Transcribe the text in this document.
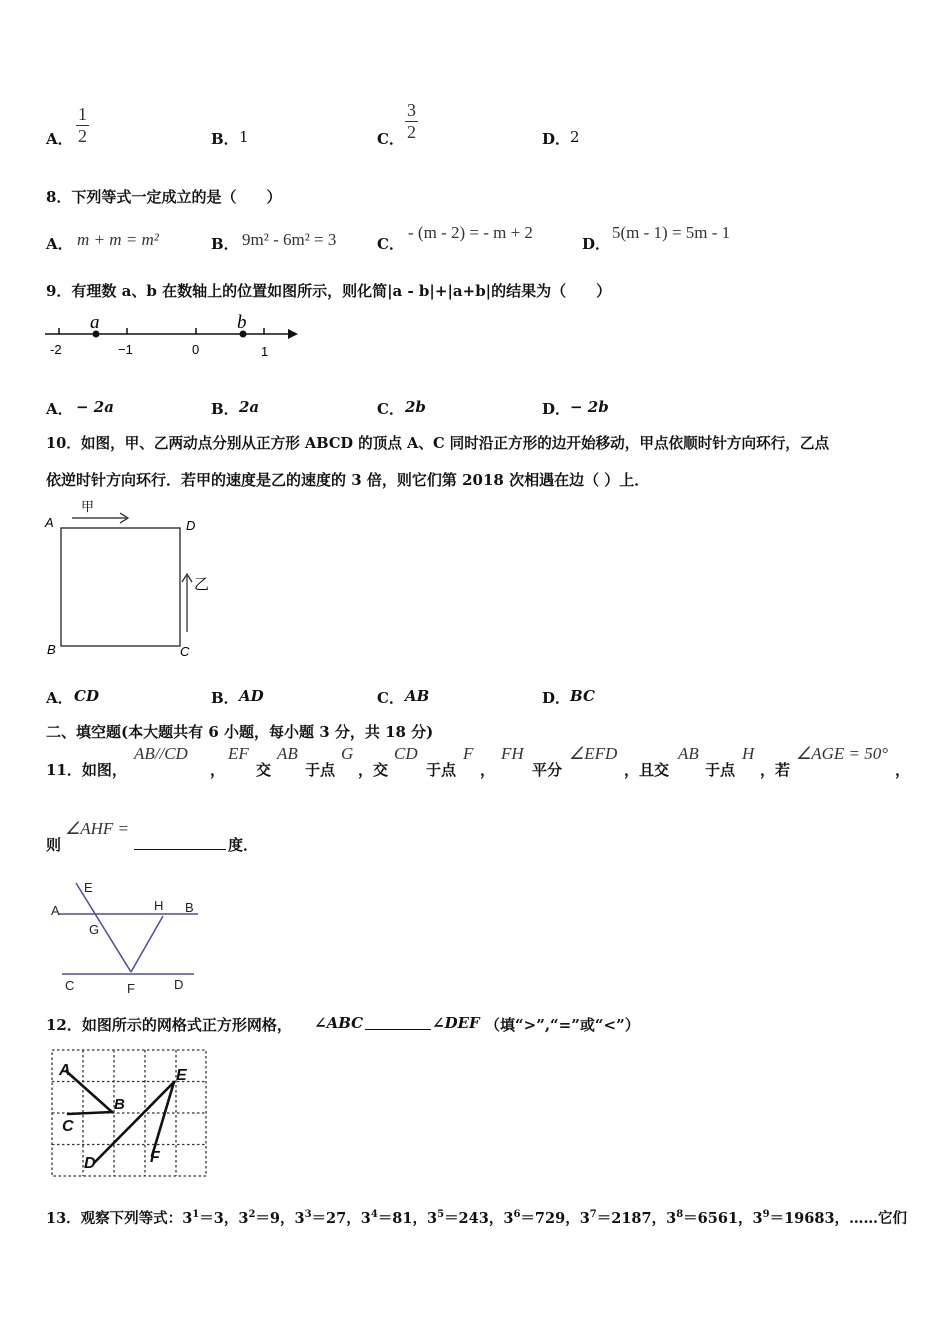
A． $\frac{1}{2}$	B． 1	C． $\frac{3}{2}$	D． 2
8．下列等式一定成立的是（　　）
A． m + m = m²	B． 9m² - 6m² = 3	C．
- (m - 2) = - m + 2
D．
5(m - 1) = 5m - 1
9．有理数 a、b 在数轴上的位置如图所示，则化简|a - b|+|a+b|的结果为（　　）
a	b
-2	−1	0	1
A． − 2a	B． 2a	C． 2b	D． − 2b
10．如图，甲、乙两动点分别从正方形 ABCD 的顶点 A、C 同时沿正方形的边开始移动，甲点依顺时针方向环行，乙点
依逆时针方向环行．若甲的速度是乙的速度的 3 倍，则它们第 2018 次相遇在边（ ）上．
A	D
B	C
甲
乙
A． CD	B． AD	C． AB	D． BC
二、填空题(本大题共有 6 小题，每小题 3 分，共 18 分)
11．如图，
AB//CD
，
EF
交
AB
于点
G
，交
CD
于点
F
，
FH
平分
∠EFD
，且交
AB
于点
H
，若
∠AGE = 50°
，
则
∠AHF =
度．
A	B
E
H
G
C	F	D
12．如图所示的网格式正方形网格， ∠ABC	∠DEF （填“>”,“=”或“<”）
A
B
C
D
E
F
13．观察下列等式：$3^1=3$，$3^2=9$，$3^3=27$，$3^4=81$，$3^5=243$，$3^6=729$，$3^7=2187$，$3^8=6561$，$3^9=19683$，……它们
